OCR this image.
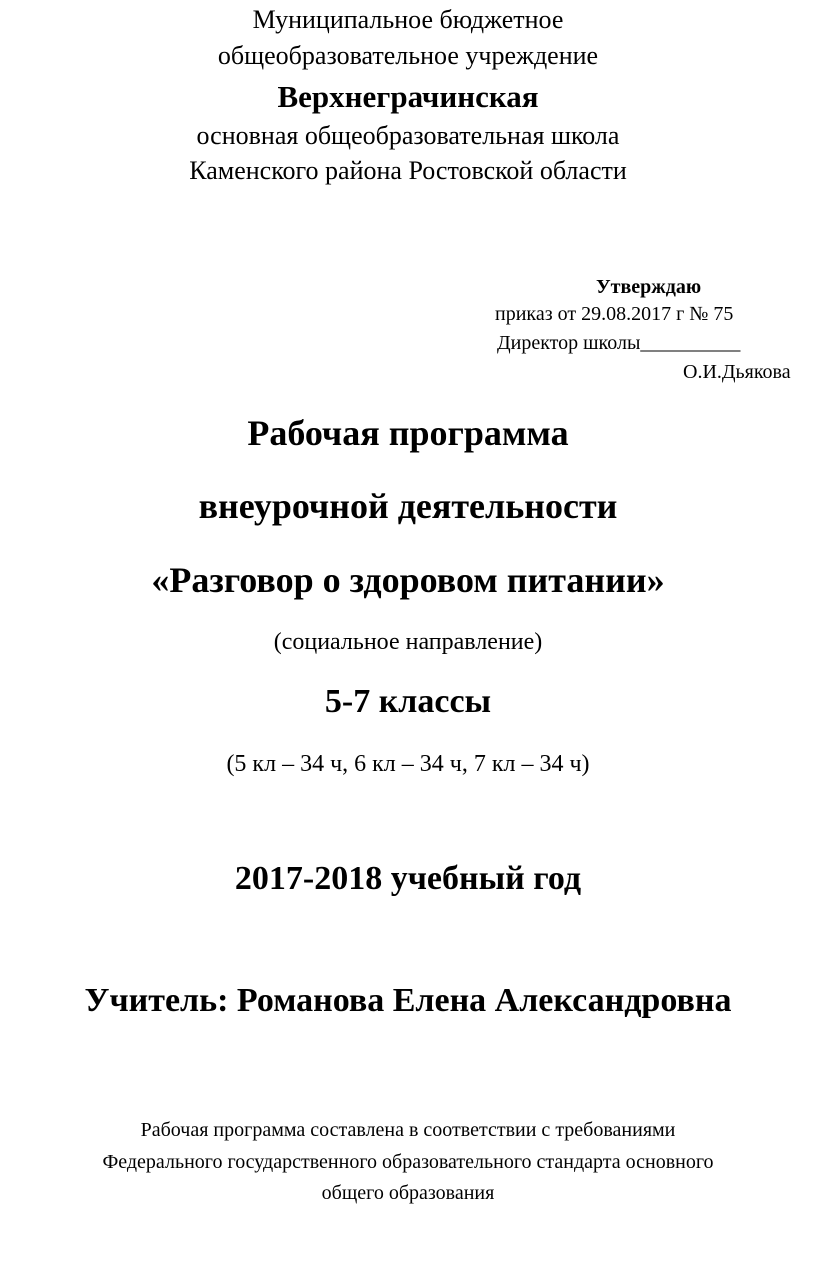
Муниципальное бюджетное
общеобразовательное учреждение
Верхнеграчинская
основная общеобразовательная школа
Каменского района Ростовской области
Утверждаю
приказ от 29.08.2017 г № 75
Директор школы__________
О.И.Дьякова
Рабочая программа
внеурочной деятельности
«Разговор о здоровом питании»
(социальное направление)
5-7 классы
(5 кл – 34 ч, 6 кл – 34 ч, 7 кл – 34 ч)
2017-2018 учебный год
Учитель: Романова Елена Александровна
Рабочая программа составлена в соответствии с требованиями
Федерального государственного образовательного стандарта основного
общего образования
